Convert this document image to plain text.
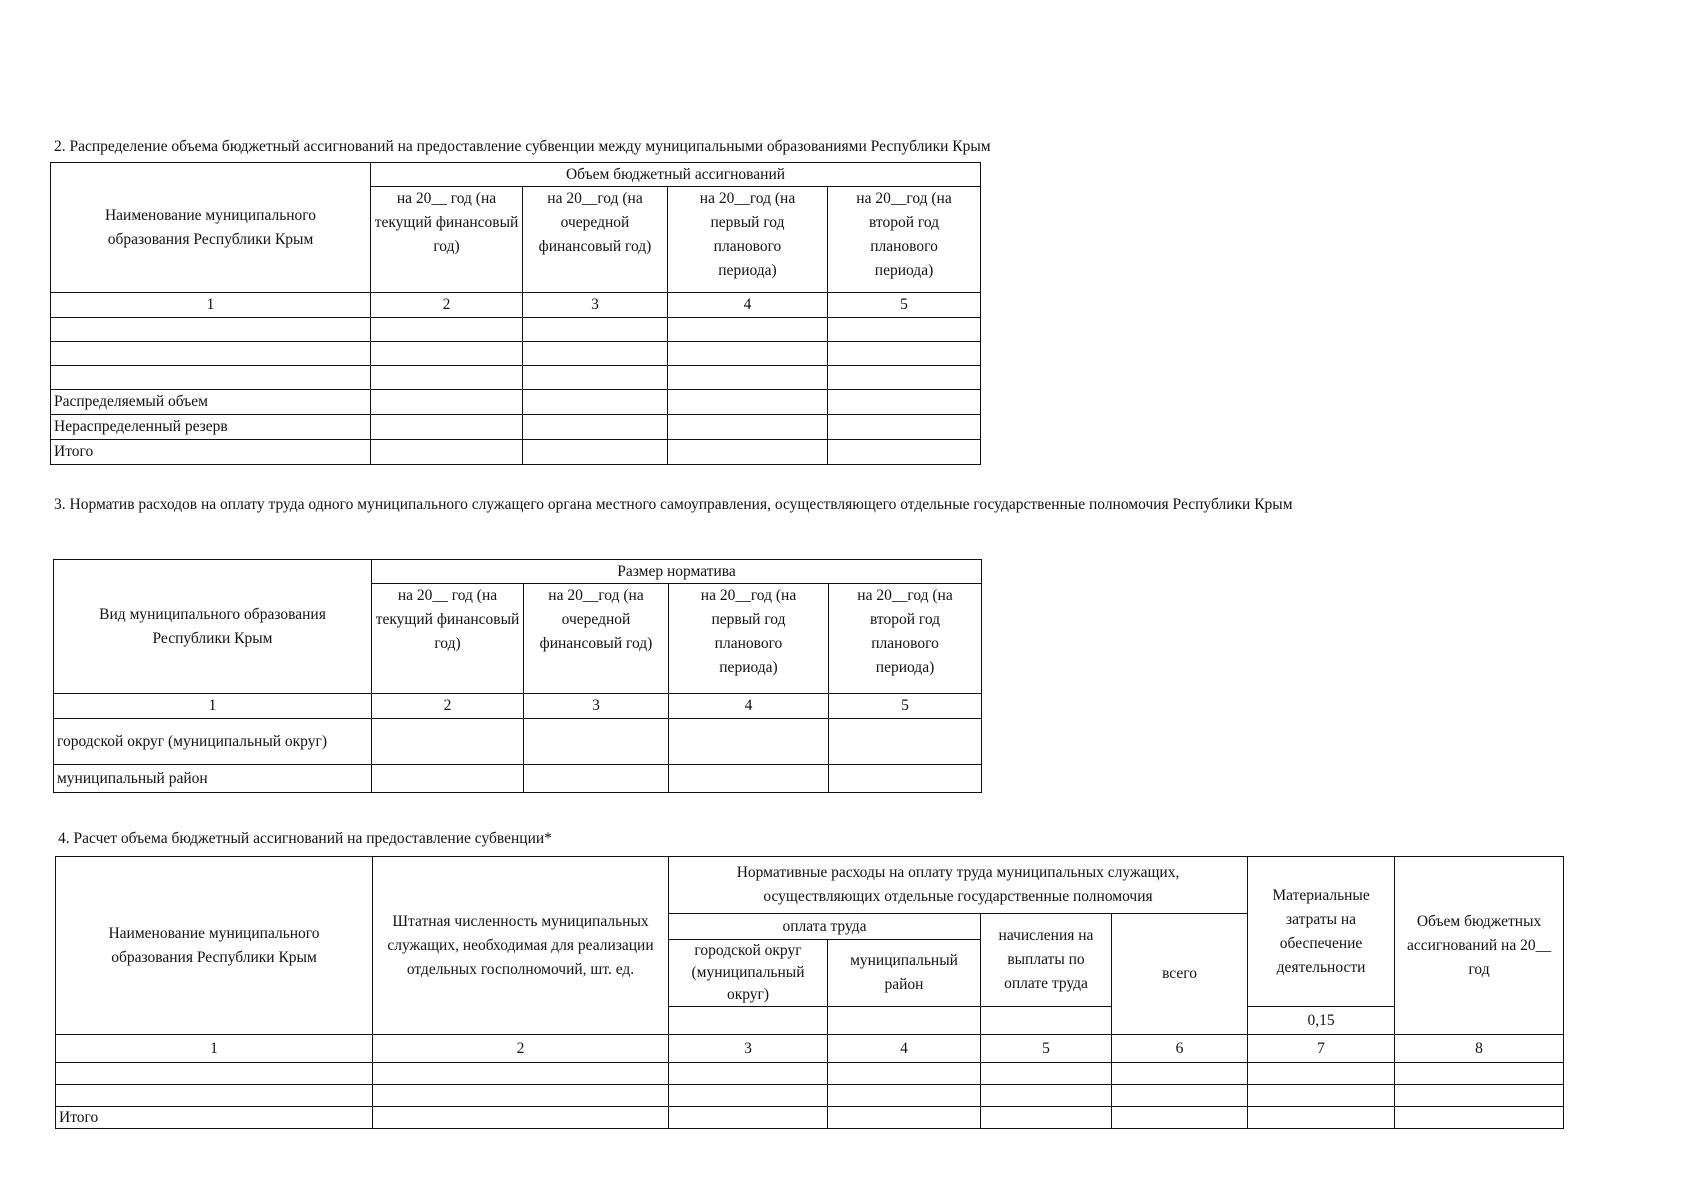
2. Распределение объема бюджетный ассигнований на предоставление субвенции между муниципальными образованиями Республики Крым

Наименование муниципального образования Республики Крым	Объем бюджетный ассигнований			
	на 20__ год (на текущий финансовый год)	на 20__год (на очередной финансовый год)	на 20__год (на первый год планового периода)	на 20__год (на второй год планового периода)
1	2	3	4	5

Распределяемый объем				
Нераспределенный резерв				
Итого				

3. Норматив расходов на оплату труда одного муниципального служащего органа местного самоуправления, осуществляющего отдельные государственные полномочия Республики Крым

Вид муниципального образования Республики Крым	Размер норматива			
	на 20__ год (на текущий финансовый год)	на 20__год (на очередной финансовый год)	на 20__год (на первый год планового периода)	на 20__год (на второй год планового периода)
1	2	3	4	5
городской округ (муниципальный округ)				
муниципальный район				

4. Расчет объема бюджетный ассигнований на предоставление субвенции*

Наименование муниципального образования Республики Крым	Штатная численность муниципальных служащих, необходимая для реализации отдельных госполномочий, шт. ед.	Нормативные расходы на оплату труда муниципальных служащих, осуществляющих отдельные государственные полномочия				Материальные затраты на обеспечение деятельности	Объем бюджетных ассигнований на 20__ год
		оплата труда		начисления на выплаты по оплате труда	всего		
		городской округ (муниципальный округ)	муниципальный район				
						0,15	
1	2	3	4	5	6	7	8

Итого							
